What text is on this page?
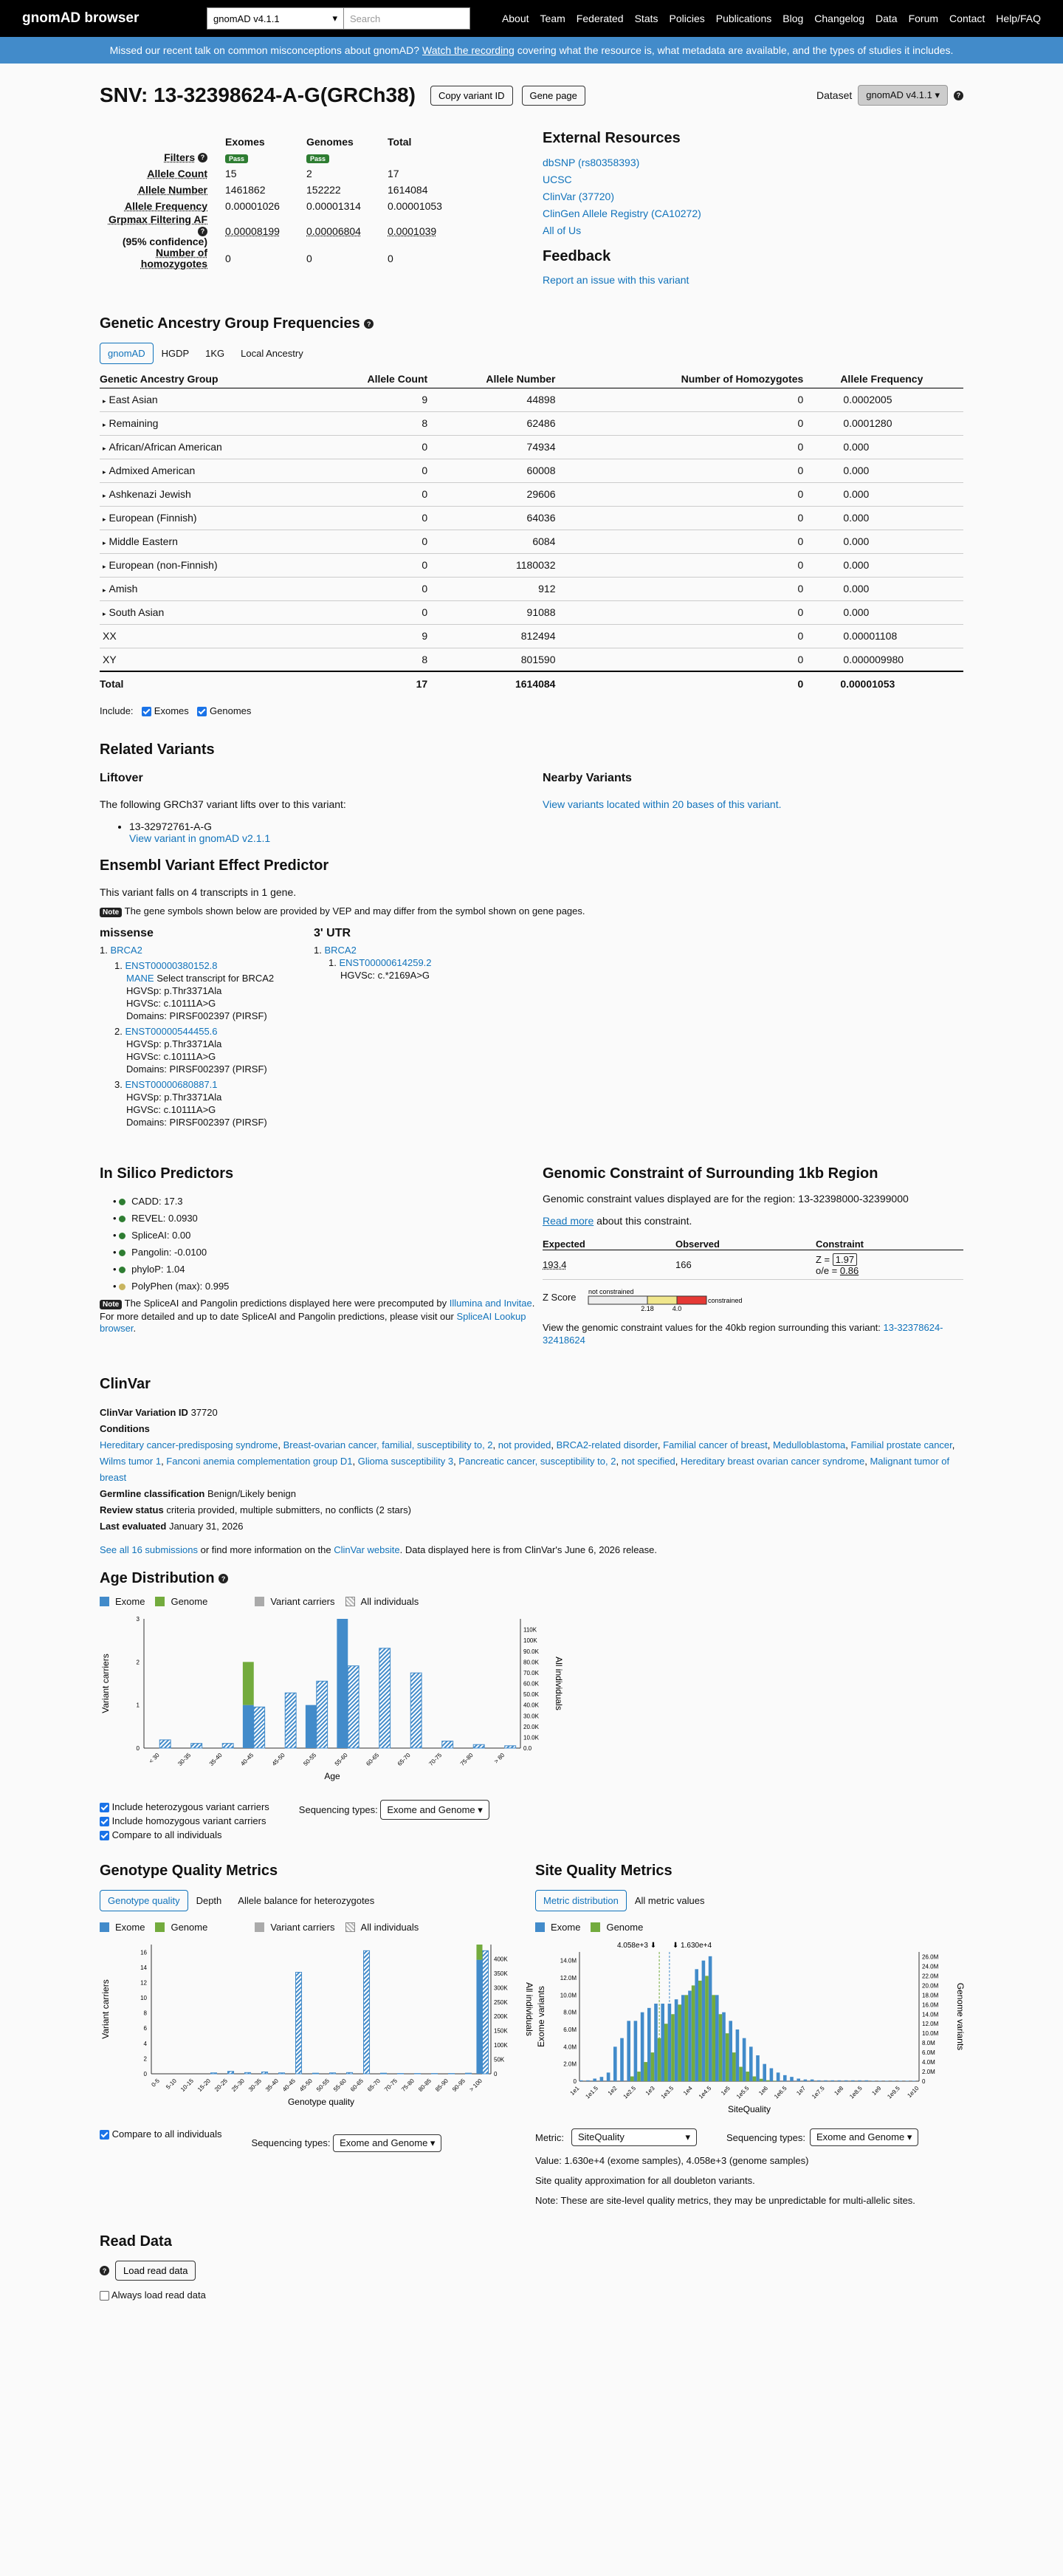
gnomAD browser	gnomAD v4.1.1	▾	Search	About Team Federated Stats Policies Publications Blog Changelog Data Forum Contact Help/FAQ
Missed our recent talk on common misconceptions about gnomAD? Watch the recording covering what the resource is, what metadata are available, and the types of studies it includes.
SNV: 13-32398624-A-G(GRCh38)	Copy variant ID	Gene page	Dataset	gnomAD v4.1.1 ▾	?
	Exomes	Genomes	Total
Filters ?	Pass	Pass	
Allele Count	15	2	17
Allele Number	1461862	152222	1614084
Allele Frequency	0.00001026	0.00001314	0.00001053
Grpmax Filtering AF ?
(95% confidence)	0.00008199	0.00006804	0.0001039
Number of homozygotes	0	0	0
External Resources
dbSNP (rs80358393)
UCSC
ClinVar (37720)
ClinGen Allele Registry (CA10272)
All of Us
Feedback
Report an issue with this variant
Genetic Ancestry Group Frequencies ?
gnomAD	HGDP	1KG	Local Ancestry
Genetic Ancestry Group	Allele Count	Allele Number	Number of Homozygotes	Allele Frequency
▸ East Asian	9	44898	0	0.0002005
▸ Remaining	8	62486	0	0.0001280
▸ African/African American	0	74934	0	0.000
▸ Admixed American	0	60008	0	0.000
▸ Ashkenazi Jewish	0	29606	0	0.000
▸ European (Finnish)	0	64036	0	0.000
▸ Middle Eastern	0	6084	0	0.000
▸ European (non-Finnish)	0	1180032	0	0.000
▸ Amish	0	912	0	0.000
▸ South Asian	0	91088	0	0.000
XX	9	812494	0	0.00001108
XY	8	801590	0	0.000009980
Total	17	1614084	0	0.00001053
Include: Exomes Genomes
Related Variants
Liftover

The following GRCh37 variant lifts over to this variant:

• 13-32972761-A-G
View variant in gnomAD v2.1.1
Nearby Variants
View variants located within 20 bases of this variant.
Ensembl Variant Effect Predictor

This variant falls on 4 transcripts in 1 gene.

Note The gene symbols shown below are provided by VEP and may differ from the symbol shown on gene pages.

missense
1. BRCA2
1. ENST00000380152.8
MANE Select transcript for BRCA2
HGVSp: p.Thr3371Ala
HGVSc: c.10111A>G
Domains: PIRSF002397 (PIRSF)
2. ENST00000544455.6
HGVSp: p.Thr3371Ala
HGVSc: c.10111A>G
Domains: PIRSF002397 (PIRSF)
3. ENST00000680887.1
HGVSp: p.Thr3371Ala
HGVSc: c.10111A>G
Domains: PIRSF002397 (PIRSF)
3' UTR
1. BRCA2
1. ENST00000614259.2
HGVSc: c.*2169A>G
In Silico Predictors
• CADD: 17.3
• REVEL: 0.0930
• SpliceAI: 0.00
• Pangolin: -0.0100
• phyloP: 1.04
• PolyPhen (max): 0.995

Note The SpliceAI and Pangolin predictions displayed here were precomputed by Illumina and Invitae. For more detailed and up to date SpliceAI and Pangolin predictions, please visit our SpliceAI Lookup browser.

Genomic Constraint of Surrounding 1kb Region

Genomic constraint values displayed are for the region: 13-32398000-32399000

Read more about this constraint.

Expected	Observed	Constraint
193.4	166	Z = 1.97
o/e = 0.86
Z Score not constrained
constrained
2.18	4.0

View the genomic constraint values for the 40kb region surrounding this variant: 13-32378624-32418624

ClinVar
ClinVar Variation ID 37720
Conditions
Hereditary cancer-predisposing syndrome, Breast-ovarian cancer, familial, susceptibility to, 2, not provided, BRCA2-related disorder, Familial cancer of breast, Medulloblastoma, Familial prostate cancer, Wilms tumor 1, Fanconi anemia complementation group D1, Glioma susceptibility 3, Pancreatic cancer, susceptibility to, 2, not specified, Hereditary breast ovarian cancer syndrome, Malignant tumor of breast
Germline classification Benign/Likely benign
Review status criteria provided, multiple submitters, no conflicts (2 stars)
Last evaluated January 31, 2026
See all 16 submissions or find more information on the ClinVar website. Data displayed here is from ClinVar's June 6, 2026 release.
Age Distribution ?
Exome	Genome	Variant carriers	All individuals
0
1
2
3
0.0
10.0K
20.0K
30.0K
40.0K
50.0K
60.0K
70.0K
80.0K
90.0K
100K
110K
< 30	30-35	35-40	40-45	45-50	50-55	55-60	60-65	65-70	70-75	75-80	> 80
Age
Variant carriers	All individuals
Include heterozygous variant carriers
Include homozygous variant carriers
Compare to all individuals
Sequencing types: Exome and Genome ▾
Genotype Quality Metrics
Genotype quality	Depth	Allele balance for heterozygotes
Exome	Genome	Variant carriers	All individuals
0
2
4
6
8
10
12
14
16
0
50K
100K
150K
200K
250K
300K
350K
400K
0-5 5-10 10-15 15-20 20-25 25-30 30-35 35-40 40-45 45-50 50-55 55-60 60-65 65-70 70-75 75-80 80-85 85-90 90-95 > 100
Genotype quality
Variant carriers	All individuals
Compare to all individuals
Sequencing types: Exome and Genome ▾
Site Quality Metrics
Metric distribution	All metric values
Exome	Genome
0
2.0M
4.0M
6.0M
8.0M
10.0M
12.0M
14.0M
0
2.0M
4.0M
6.0M
8.0M
10.0M
12.0M
14.0M
16.0M
18.0M
20.0M
22.0M
24.0M
26.0M
1e1 1e1.5 1e2 1e2.5 1e3 1e3.5 1e4 1e4.5 1e5 1e5.5 1e6 1e6.5 1e7 1e7.5 1e8 1e8.5 1e9 1e9.5 1e10
4.058e+3 ⬇ ⬇ 1.630e+4
SiteQuality
Exome variants	Genome variants
Metric:	SiteQuality	▾	Sequencing types:	Exome and Genome ▾

Value: 1.630e+4 (exome samples), 4.058e+3 (genome samples)

Site quality approximation for all doubleton variants.

Note: These are site-level quality metrics, they may be unpredictable for multi-allelic sites.

Read Data
?	Load read data
Always load read data
